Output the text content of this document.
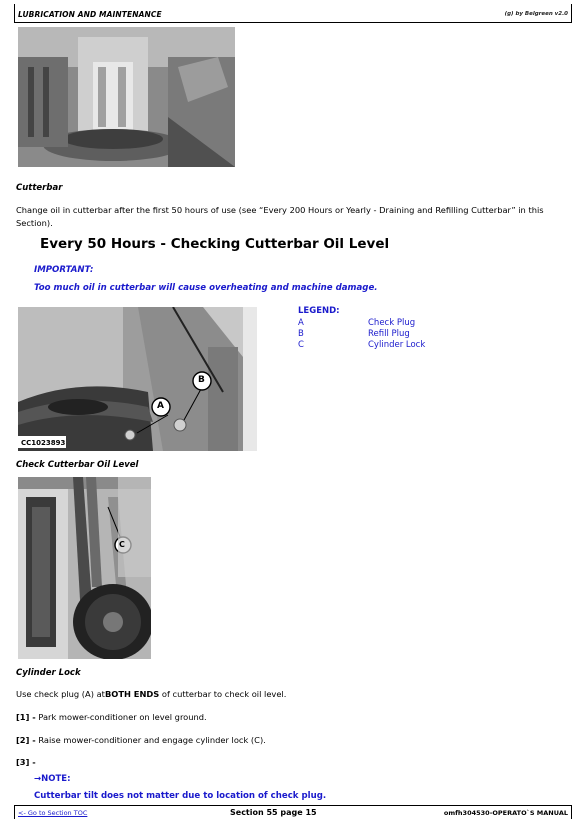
LUBRICATION AND MAINTENANCE	(g) by Belgreen v2.0
Cutterbar
Change oil in cutterbar after the first 50 hours of use (see “Every 200 Hours or Yearly - Draining and Refilling Cutterbar” in this Section).
Every 50 Hours - Checking Cutterbar Oil Level
IMPORTANT:
Too much oil in cutterbar will cause overheating and machine damage.
A
B
CC1023893
LEGEND:
A	Check Plug
B	Refill Plug
C	Cylinder Lock
Check Cutterbar Oil Level
C
Cylinder Lock
Use check plug (A) atBOTH ENDS of cutterbar to check oil level.
[1] - Park mower-conditioner on level ground.
[2] - Raise mower-conditioner and engage cylinder lock (C).
[3] -
→NOTE:
Cutterbar tilt does not matter due to location of check plug.
<- Go to Section TOC	Section 55 page 15	omfh304530-OPERATO`S MANUAL
